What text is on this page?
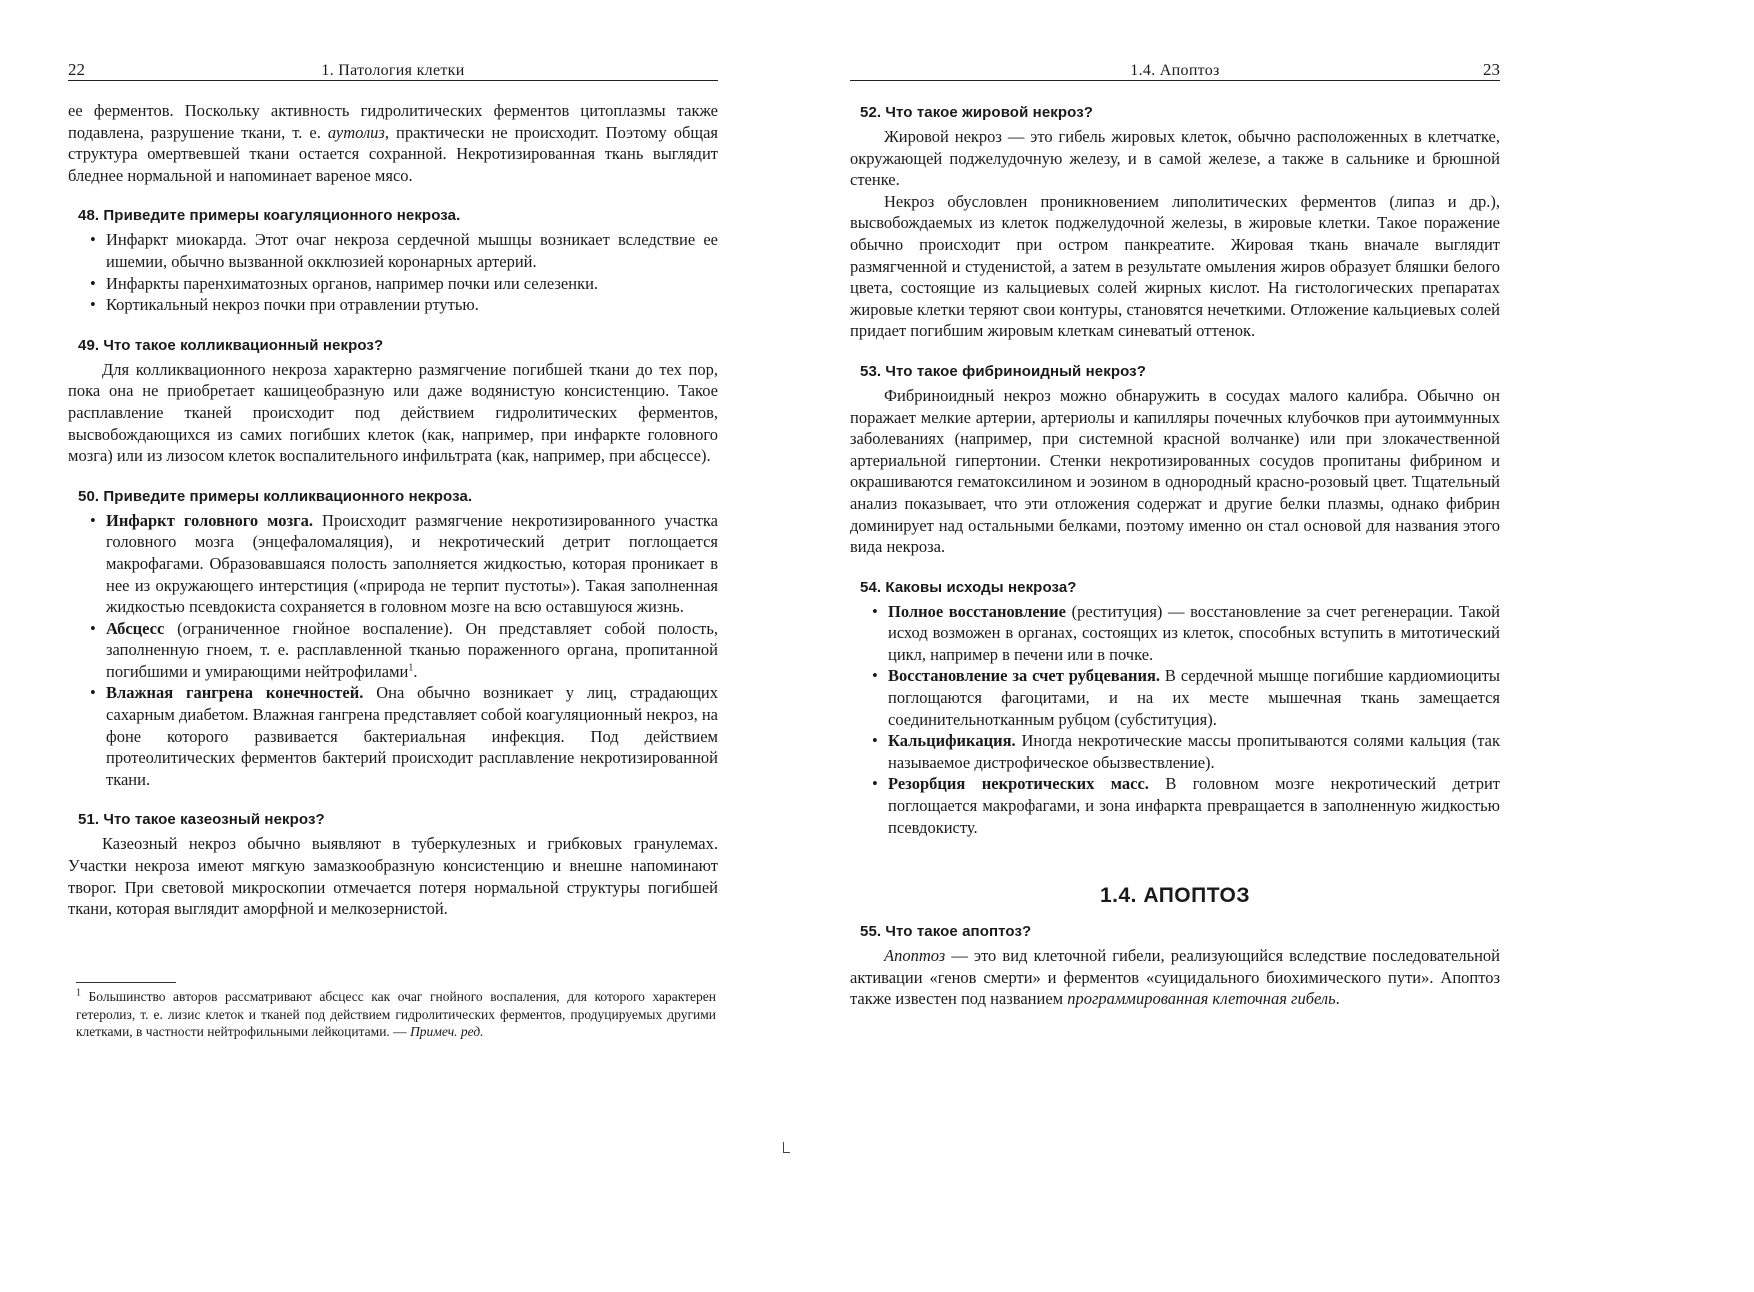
22	1. Патология клетки

ее ферментов. Поскольку активность гидролитических ферментов цитоплазмы также подавлена, разрушение ткани, т. е. аутолиз, практически не происходит. Поэтому общая структура омертвевшей ткани остается сохранной. Некротизированная ткань выглядит бледнее нормальной и напоминает вареное мясо.

48. Приведите примеры коагуляционного некроза.
• Инфаркт миокарда. Этот очаг некроза сердечной мышцы возникает вследствие ее ишемии, обычно вызванной окклюзией коронарных артерий.
• Инфаркты паренхиматозных органов, например почки или селезенки.
• Кортикальный некроз почки при отравлении ртутью.
49. Что такое колликвационный некроз?

Для колликвационного некроза характерно размягчение погибшей ткани до тех пор, пока она не приобретает кашицеобразную или даже водянистую консистенцию. Такое расплавление тканей происходит под действием гидролитических ферментов, высвобождающихся из самих погибших клеток (как, например, при инфаркте головного мозга) или из лизосом клеток воспалительного инфильтрата (как, например, при абсцессе).

50. Приведите примеры колликвационного некроза.
• Инфаркт головного мозга. Происходит размягчение некротизированного участка головного мозга (энцефаломаляция), и некротический детрит поглощается макрофагами. Образовавшаяся полость заполняется жидкостью, которая проникает в нее из окружающего интерстиция («природа не терпит пустоты»). Такая заполненная жидкостью псевдокиста сохраняется в головном мозге на всю оставшуюся жизнь.
• Абсцесс (ограниченное гнойное воспаление). Он представляет собой полость, заполненную гноем, т. е. расплавленной тканью пораженного органа, пропитанной погибшими и умирающими нейтрофилами$^1$.
• Влажная гангрена конечностей. Она обычно возникает у лиц, страдающих сахарным диабетом. Влажная гангрена представляет собой коагуляционный некроз, на фоне которого развивается бактериальная инфекция. Под действием протеолитических ферментов бактерий происходит расплавление некротизированной ткани.
51. Что такое казеозный некроз?

Казеозный некроз обычно выявляют в туберкулезных и грибковых гранулемах. Участки некроза имеют мягкую замазкообразную консистенцию и внешне напоминают творог. При световой микроскопии отмечается потеря нормальной структуры погибшей ткани, которая выглядит аморфной и мелкозернистой.

$^1$ Большинство авторов рассматривают абсцесс как очаг гнойного воспаления, для которого характерен гетеролиз, т. е. лизис клеток и тканей под действием гидролитических ферментов, продуцируемых другими клетками, в частности нейтрофильными лейкоцитами. — Примеч. ред.

1.4. Апоптоз	23
52. Что такое жировой некроз?

Жировой некроз — это гибель жировых клеток, обычно расположенных в клетчатке, окружающей поджелудочную железу, и в самой железе, а также в сальнике и брюшной стенке.

Некроз обусловлен проникновением липолитических ферментов (липаз и др.), высвобождаемых из клеток поджелудочной железы, в жировые клетки. Такое поражение обычно происходит при остром панкреатите. Жировая ткань вначале выглядит размягченной и студенистой, а затем в результате омыления жиров образует бляшки белого цвета, состоящие из кальциевых солей жирных кислот. На гистологических препаратах жировые клетки теряют свои контуры, становятся нечеткими. Отложение кальциевых солей придает погибшим жировым клеткам синеватый оттенок.

53. Что такое фибриноидный некроз?

Фибриноидный некроз можно обнаружить в сосудах малого калибра. Обычно он поражает мелкие артерии, артериолы и капилляры почечных клубочков при аутоиммунных заболеваниях (например, при системной красной волчанке) или при злокачественной артериальной гипертонии. Стенки некротизированных сосудов пропитаны фибрином и окрашиваются гематоксилином и эозином в однородный красно-розовый цвет. Тщательный анализ показывает, что эти отложения содержат и другие белки плазмы, однако фибрин доминирует над остальными белками, поэтому именно он стал основой для названия этого вида некроза.

54. Каковы исходы некроза?
• Полное восстановление (реституция) — восстановление за счет регенерации. Такой исход возможен в органах, состоящих из клеток, способных вступить в митотический цикл, например в печени или в почке.
• Восстановление за счет рубцевания. В сердечной мышце погибшие кардиомиоциты поглощаются фагоцитами, и на их месте мышечная ткань замещается соединительнотканным рубцом (субституция).
• Кальцификация. Иногда некротические массы пропитываются солями кальция (так называемое дистрофическое обызвествление).
• Резорбция некротических масс. В головном мозге некротический детрит поглощается макрофагами, и зона инфаркта превращается в заполненную жидкостью псевдокисту.
1.4. АПОПТОЗ
55. Что такое апоптоз?

Апоптоз — это вид клеточной гибели, реализующийся вследствие последовательной активации «генов смерти» и ферментов «суицидального биохимического пути». Апоптоз также известен под названием программированная клеточная гибель.
